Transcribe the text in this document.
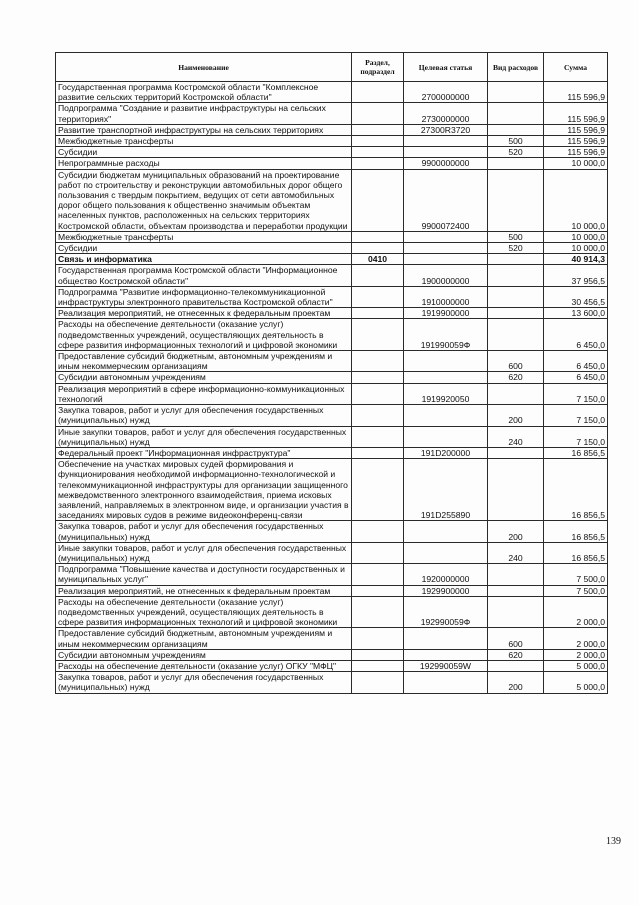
Наименование	Раздел, подраздел	Целевая статья	Вид расходов	Сумма
Государственная программа Костромской области "Комплексное развитие сельских территорий Костромской области"		2700000000		115 596,9
Подпрограмма "Создание и развитие инфраструктуры на сельских территориях"		2730000000		115 596,9
Развитие транспортной инфраструктуры на сельских территориях		27300R3720		115 596,9
Межбюджетные трансферты			500	115 596,9
Субсидии			520	115 596,9
Непрограммные расходы		9900000000		10 000,0
Субсидии бюджетам муниципальных образований на проектирование работ по строительству и реконструкции автомобильных дорог общего пользования с твердым покрытием, ведущих от сети автомобильных дорог общего пользования к общественно значимым объектам населенных пунктов, расположенных на сельских территориях Костромской области, объектам производства и переработки продукции		9900072400		10 000,0
Межбюджетные трансферты			500	10 000,0
Субсидии			520	10 000,0
Связь и информатика	0410			40 914,3
Государственная программа Костромской области "Информационное общество Костромской области"		1900000000		37 956,5
Подпрограмма "Развитие информационно-телекоммуникационной инфраструктуры электронного правительства Костромской области"		1910000000		30 456,5
Реализация мероприятий, не отнесенных к федеральным проектам		1919900000		13 600,0
Расходы на обеспечение деятельности (оказание услуг) подведомственных учреждений, осуществляющих деятельность в сфере развития информационных технологий и цифровой экономики		191990059Ф		6 450,0
Предоставление субсидий бюджетным, автономным учреждениям и иным некоммерческим организациям			600	6 450,0
Субсидии автономным учреждениям			620	6 450,0
Реализация мероприятий в сфере информационно-коммуникационных технологий		1919920050		7 150,0
Закупка товаров, работ и услуг для обеспечения государственных (муниципальных) нужд			200	7 150,0
Иные закупки товаров, работ и услуг для обеспечения государственных (муниципальных) нужд			240	7 150,0
Федеральный проект "Информационная инфраструктура"		191D200000		16 856,5
Обеспечение на участках мировых судей формирования и функционирования необходимой информационно-технологической и телекоммуникационной инфраструктуры для организации защищенного межведомственного электронного взаимодействия, приема исковых заявлений, направляемых в электронном виде, и организации участия в заседаниях мировых судов в режиме видеоконференц-связи		191D255890		16 856,5
Закупка товаров, работ и услуг для обеспечения государственных (муниципальных) нужд			200	16 856,5
Иные закупки товаров, работ и услуг для обеспечения государственных (муниципальных) нужд			240	16 856,5
Подпрограмма "Повышение качества и доступности государственных и муниципальных услуг"		1920000000		7 500,0
Реализация мероприятий, не отнесенных к федеральным проектам		1929900000		7 500,0
Расходы на обеспечение деятельности (оказание услуг) подведомственных учреждений, осуществляющих деятельность в сфере развития информационных технологий и цифровой экономики		192990059Ф		2 000,0
Предоставление субсидий бюджетным, автономным учреждениям и иным некоммерческим организациям			600	2 000,0
Субсидии автономным учреждениям			620	2 000,0
Расходы на обеспечение деятельности (оказание услуг) ОГКУ "МФЦ"		192990059W		5 000,0
Закупка товаров, работ и услуг для обеспечения государственных (муниципальных) нужд			200	5 000,0
139
